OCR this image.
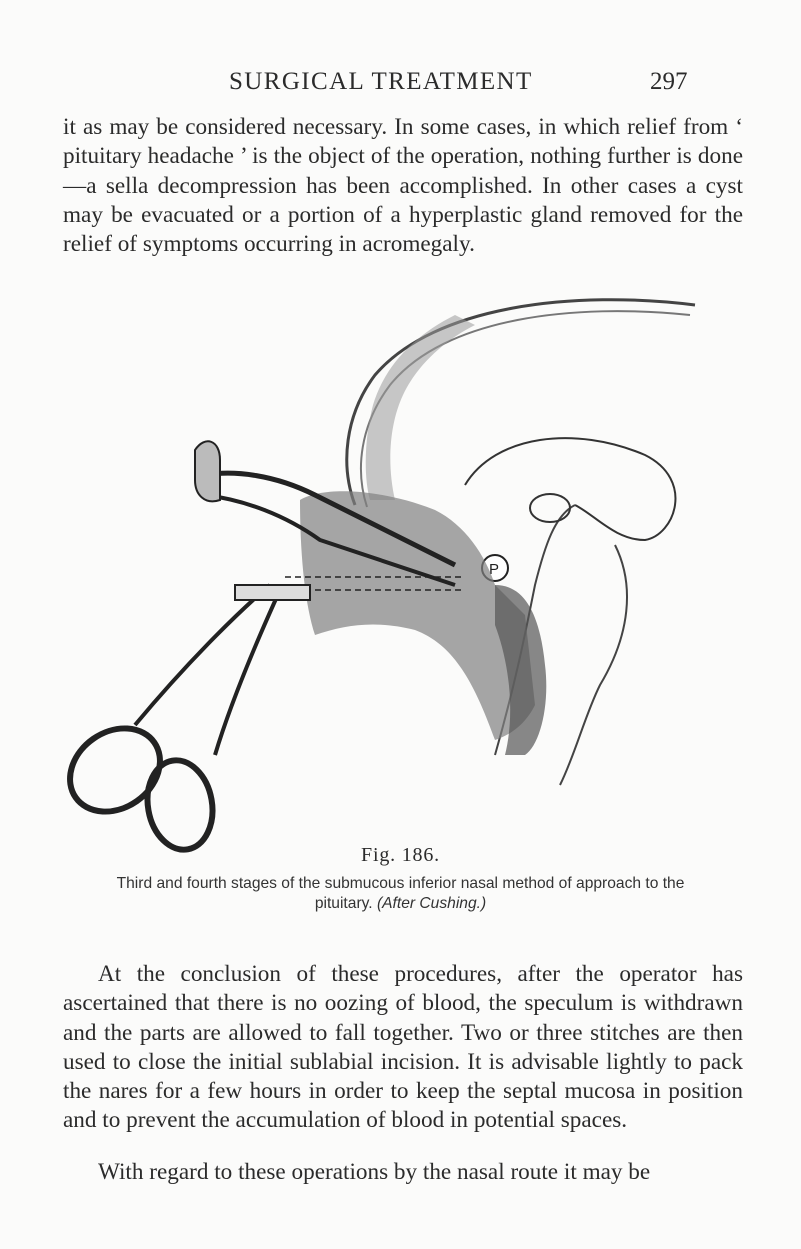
SURGICAL TREATMENT	297

it as may be considered necessary. In some cases, in which relief from ‘ pituitary headache ’ is the object of the operation, nothing further is done—a sella decompression has been accomplished. In other cases a cyst may be evacuated or a portion of a hyperplastic gland removed for the relief of symptoms occurring in acromegaly.

P
Fig. 186.
Third and fourth stages of the submucous inferior nasal method of approach to the pituitary. (After Cushing.)

At the conclusion of these procedures, after the operator has ascertained that there is no oozing of blood, the speculum is withdrawn and the parts are allowed to fall together. Two or three stitches are then used to close the initial sublabial incision. It is advisable lightly to pack the nares for a few hours in order to keep the septal mucosa in position and to prevent the accumulation of blood in potential spaces.

With regard to these operations by the nasal route it may be
